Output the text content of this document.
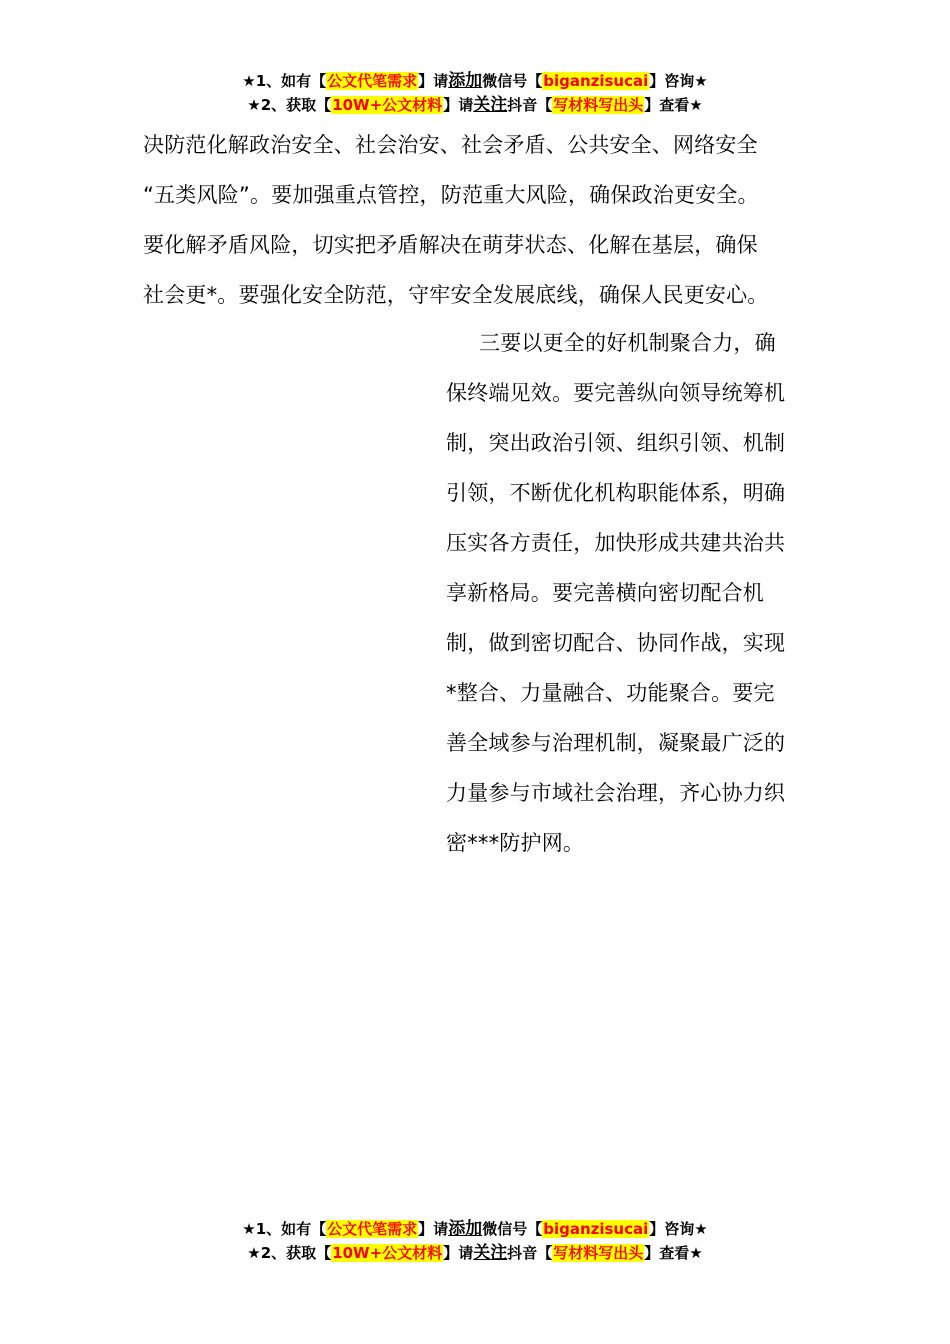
★1、如有【公文代笔需求】请添加微信号【biganzisucai】咨询★
★2、获取【10W+公文材料】请关注抖音【写材料写出头】查看★
决防范化解政治安全、社会治安、社会矛盾、公共安全、网络安全
“五类风险”。要加强重点管控，防范重大风险，确保政治更安全。
要化解矛盾风险，切实把矛盾解决在萌芽状态、化解在基层，确保
社会更*。要强化安全防范，守牢安全发展底线，确保人民更安心。
三要以更全的好机制聚合力，确
保终端见效。要完善纵向领导统筹机
制，突出政治引领、组织引领、机制
引领，不断优化机构职能体系，明确
压实各方责任，加快形成共建共治共
享新格局。要完善横向密切配合机
制，做到密切配合、协同作战，实现
*整合、力量融合、功能聚合。要完
善全域参与治理机制，凝聚最广泛的
力量参与市域社会治理，齐心协力织
密***防护网。
★1、如有【公文代笔需求】请添加微信号【biganzisucai】咨询★
★2、获取【10W+公文材料】请关注抖音【写材料写出头】查看★
